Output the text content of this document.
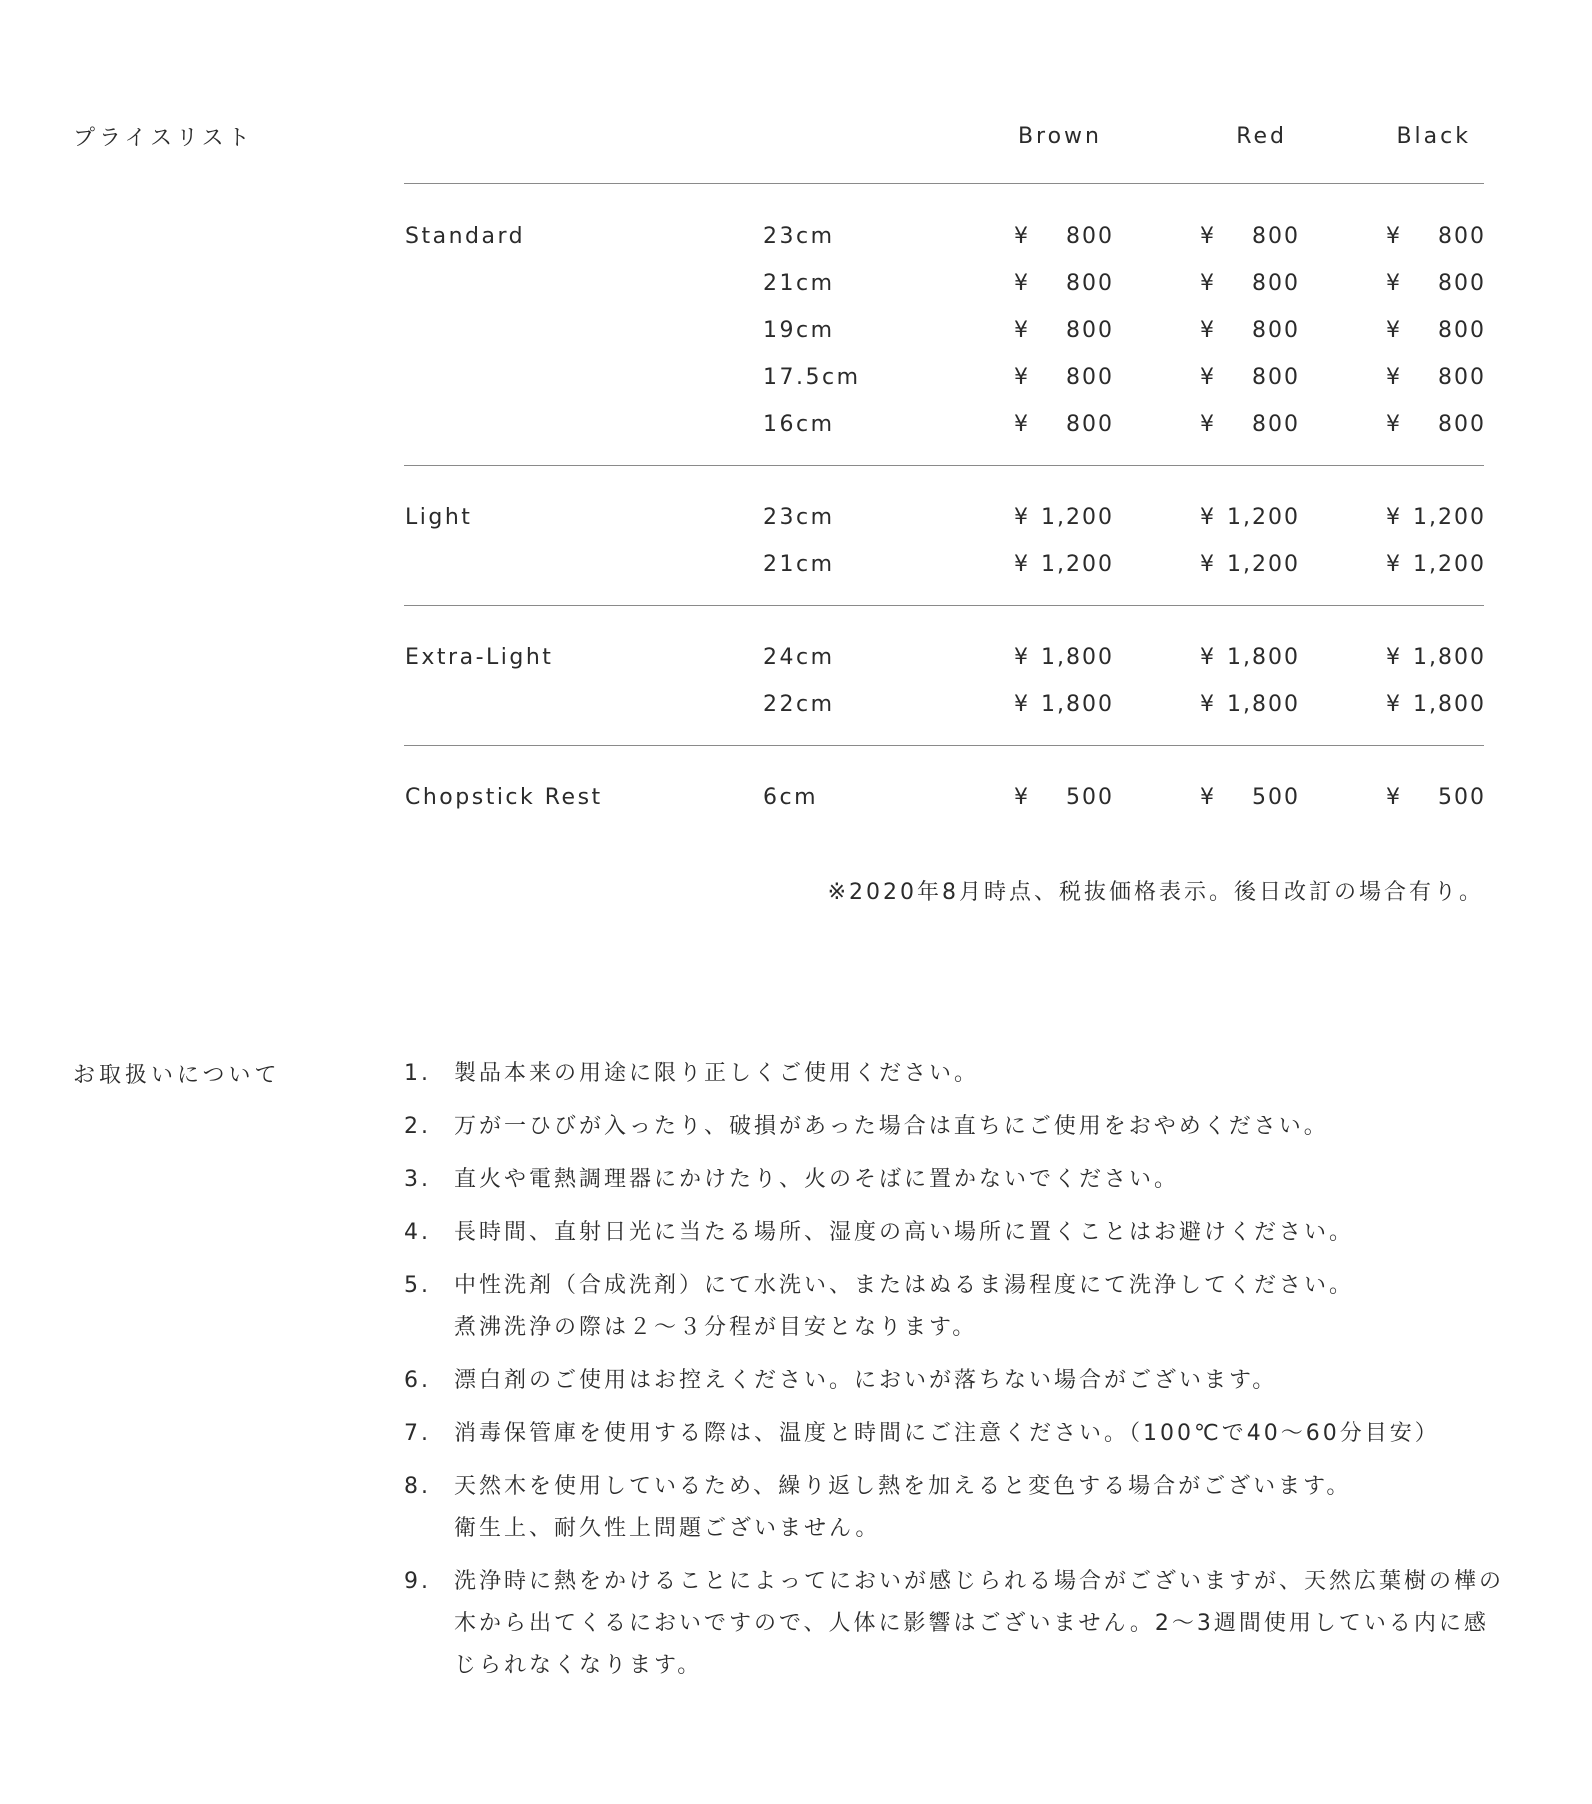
プライスリスト	Brown	Red	Black
Standard	23cm	¥ 800	¥ 800	¥ 800
21cm	¥ 800	¥ 800	¥ 800
19cm	¥ 800	¥ 800	¥ 800
17.5cm	¥ 800	¥ 800	¥ 800
16cm	¥ 800	¥ 800	¥ 800
Light	23cm	¥ 1,200	¥ 1,200	¥ 1,200
21cm	¥ 1,200	¥ 1,200	¥ 1,200
Extra-Light	24cm	¥ 1,800	¥ 1,800	¥ 1,800
22cm	¥ 1,800	¥ 1,800	¥ 1,800
Chopstick Rest	6cm	¥ 500	¥ 500	¥ 500
※2020年8月時点、税抜価格表示。後日改訂の場合有り。
お取扱いについて	1. 製品本来の用途に限り正しくご使用ください。
2. 万が一ひびが入ったり、破損があった場合は直ちにご使用をおやめください。
3. 直火や電熱調理器にかけたり、火のそばに置かないでください。
4. 長時間、直射日光に当たる場所、湿度の高い場所に置くことはお避けください。
5. 中性洗剤（合成洗剤）にて水洗い、またはぬるま湯程度にて洗浄してください。
煮沸洗浄の際は２～３分程が目安となります。
6. 漂白剤のご使用はお控えください。においが落ちない場合がございます。
7. 消毒保管庫を使用する際は、温度と時間にご注意ください。（100℃で40～60分目安）
8. 天然木を使用しているため、繰り返し熱を加えると変色する場合がございます。
衛生上、耐久性上問題ございません。
9. 洗浄時に熱をかけることによってにおいが感じられる場合がございますが、天然広葉樹の樺の
木から出てくるにおいですので、人体に影響はございません。2～3週間使用している内に感
じられなくなります。
